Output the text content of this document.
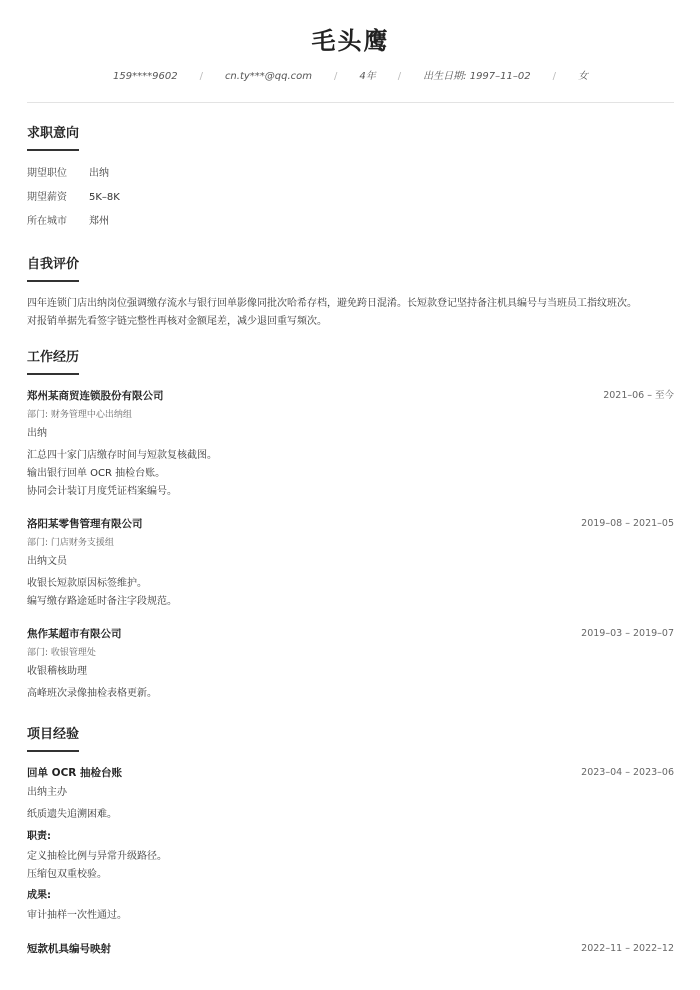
毛头鹰
159****9602	/	cn.ty***@qq.com	/	4年	/	出生日期: 1997–11–02	/	女
求职意向
期望职位	出纳
期望薪资	5K–8K
所在城市	郑州
自我评价
四年连锁门店出纳岗位强调缴存流水与银行回单影像同批次哈希存档，避免跨日混淆。长短款登记坚持备注机具编号与当班员工指纹班次。
对报销单据先看签字链完整性再核对金额尾差，减少退回重写频次。
工作经历
郑州某商贸连锁股份有限公司	2021–06 – 至今
部门: 财务管理中心出纳组
出纳
汇总四十家门店缴存时间与短款复核截图。
输出银行回单 OCR 抽检台账。
协同会计装订月度凭证档案编号。
洛阳某零售管理有限公司	2019–08 – 2021–05
部门: 门店财务支援组
出纳文员
收银长短款原因标签维护。
编写缴存路途延时备注字段规范。
焦作某超市有限公司	2019–03 – 2019–07
部门: 收银管理处
收银稽核助理
高峰班次录像抽检表格更新。
项目经验
回单 OCR 抽检台账	2023–04 – 2023–06
出纳主办
纸质遗失追溯困难。
职责:
定义抽检比例与异常升级路径。
压缩包双重校验。
成果:
审计抽样一次性通过。
短款机具编号映射	2022–11 – 2022–12
